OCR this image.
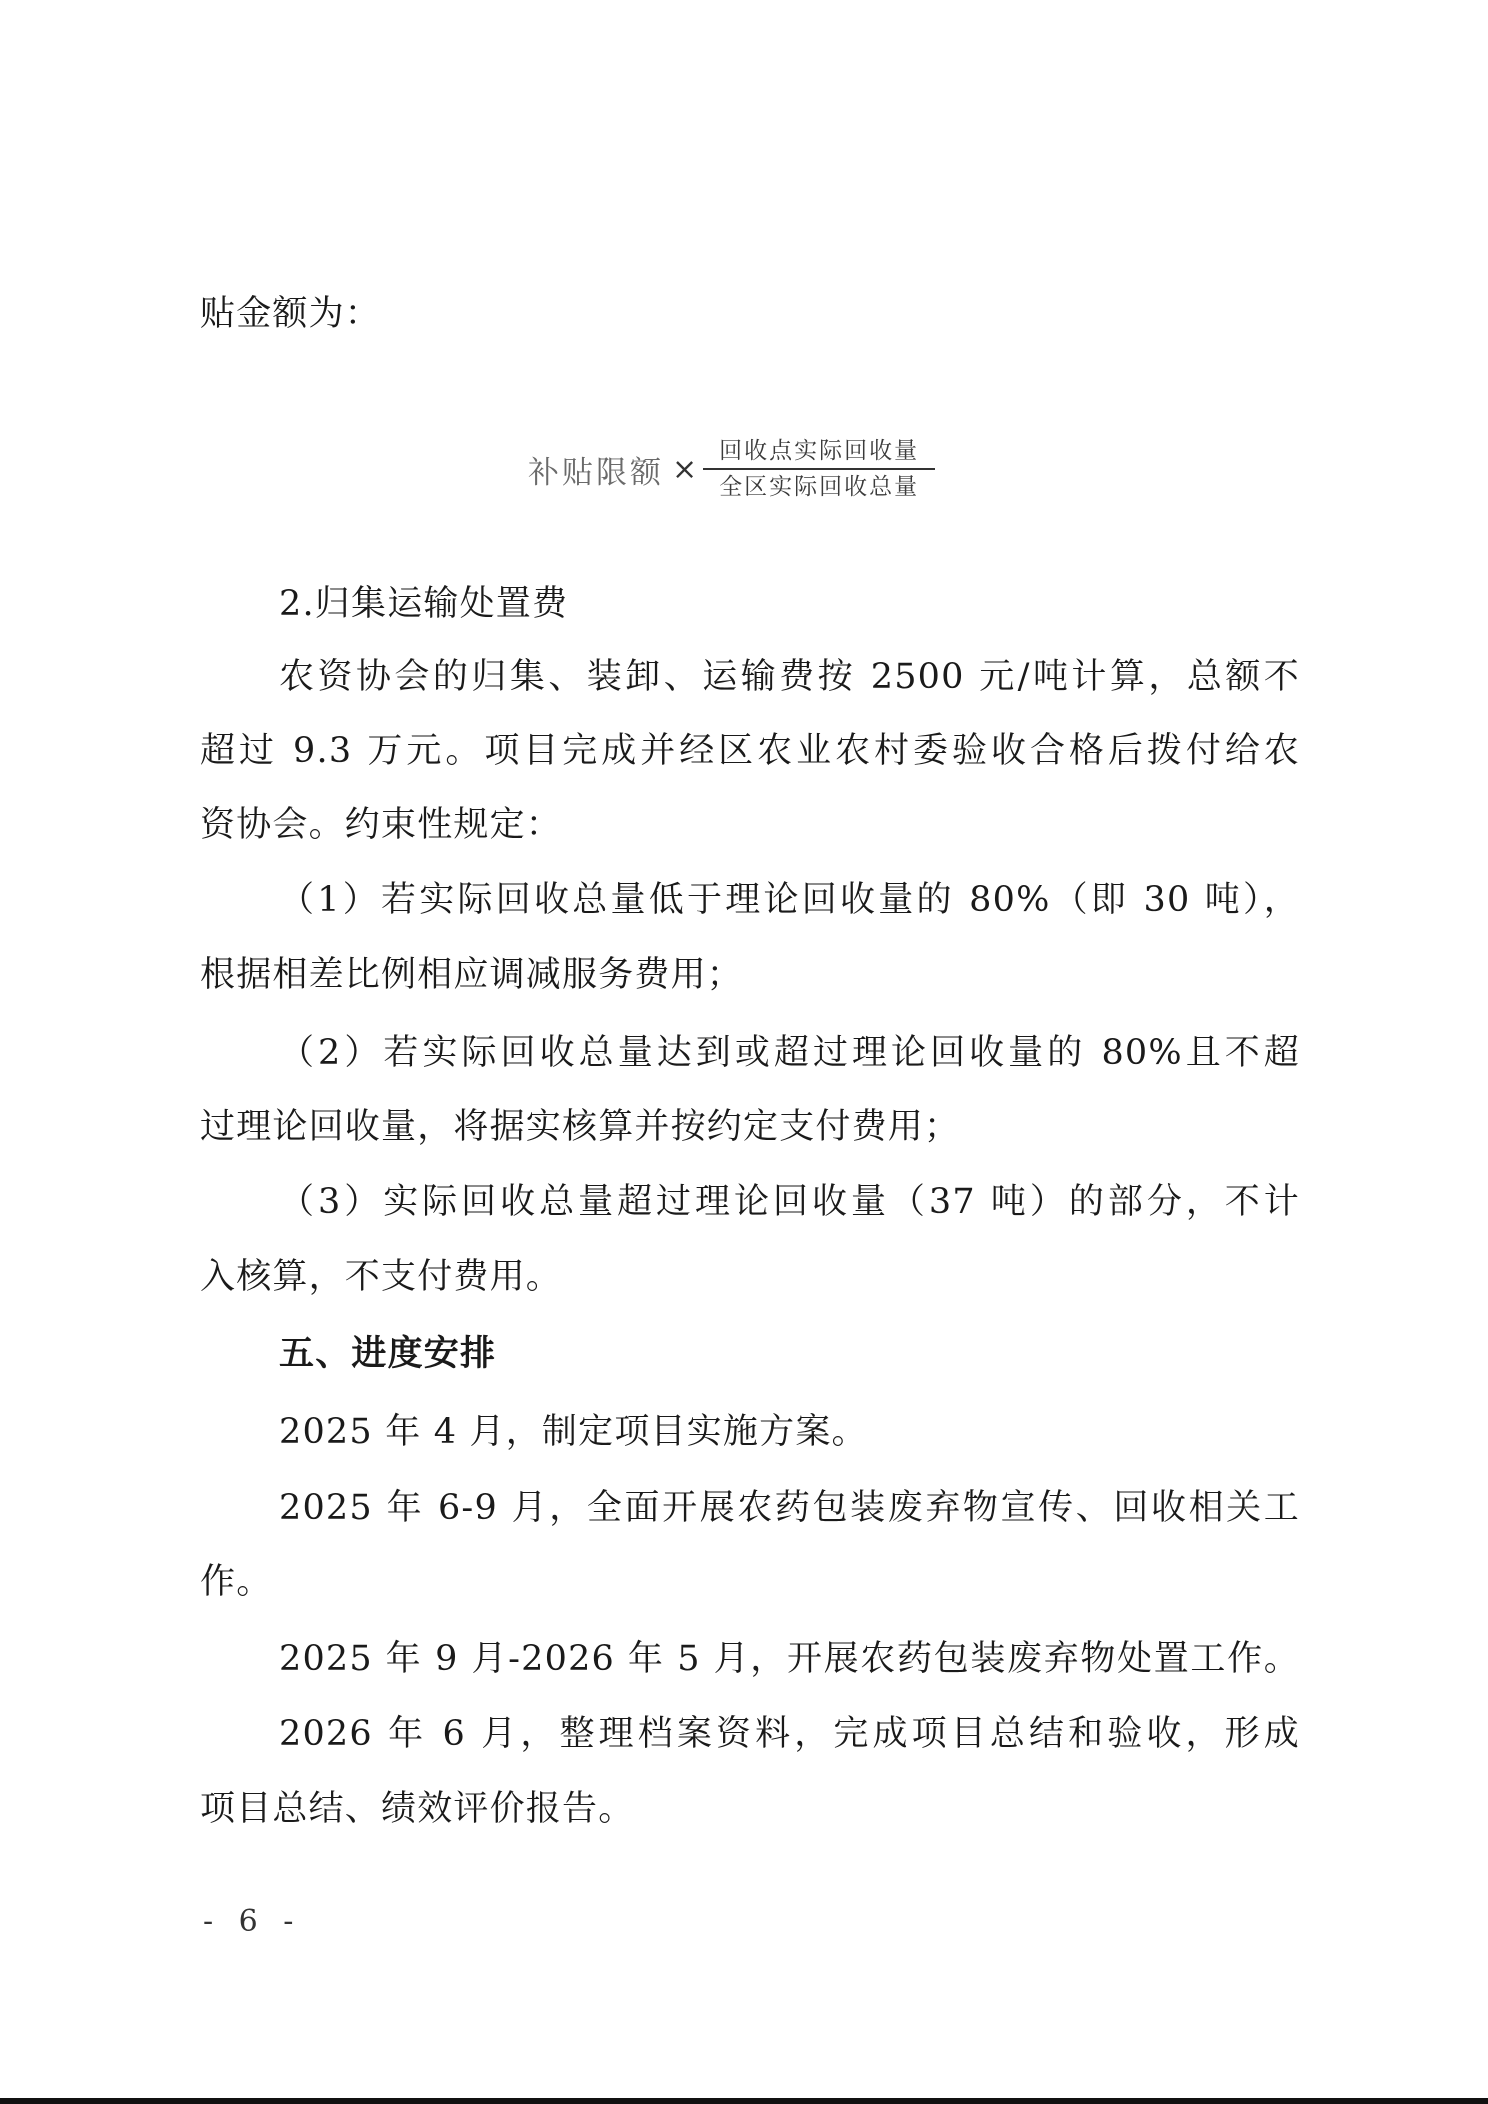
贴金额为：
补贴限额 × $\frac{\text{回收点实际回收量}}{\text{全区实际回收总量}}$
2.归集运输处置费
农资协会的归集、装卸、运输费按 2500 元/吨计算，总额不
超过 9.3 万元。项目完成并经区农业农村委验收合格后拨付给农
资协会。约束性规定：
（1）若实际回收总量低于理论回收量的 80%（即 30 吨），
根据相差比例相应调减服务费用；
（2）若实际回收总量达到或超过理论回收量的 80%且不超
过理论回收量，将据实核算并按约定支付费用；
（3）实际回收总量超过理论回收量（37 吨）的部分，不计
入核算，不支付费用。
五、进度安排
2025 年 4 月，制定项目实施方案。
2025 年 6-9 月，全面开展农药包装废弃物宣传、回收相关工
作。
2025 年 9 月-2026 年 5 月，开展农药包装废弃物处置工作。
2026 年 6 月，整理档案资料，完成项目总结和验收，形成
项目总结、绩效评价报告。
- 6 -
